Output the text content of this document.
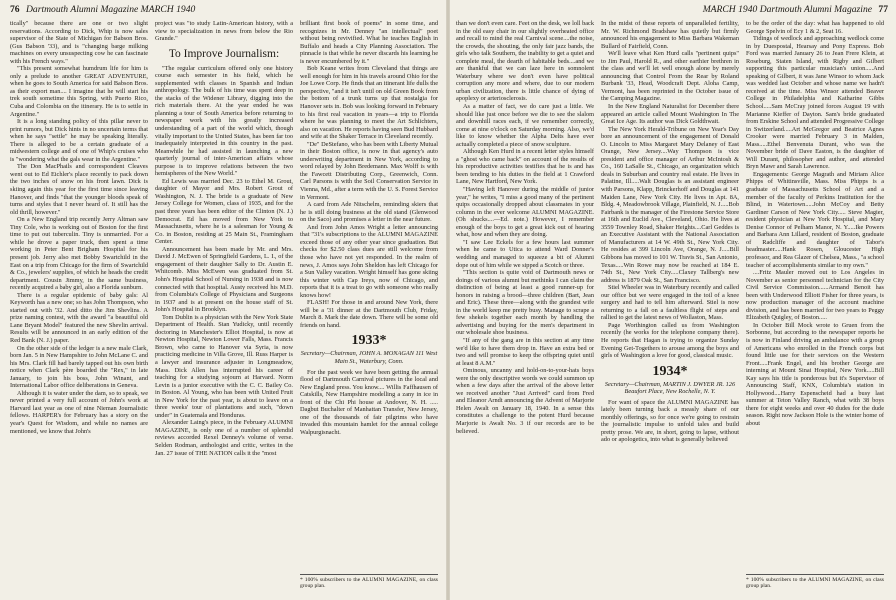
76 Dartmouth Alumni Magazine MARCH 1940

tically" because there are one or two slight reservations. According to Dick, Whip is now sales supervisor of the State of Michigan for Babson Bros. (Gus Babson '33), and is "changing barge milking machines on every unsuspecting cow he can fascinate with his French ways."

"This present somewhat humdrum life for him is only a prelude to another GREAT ADVENTURE, when he goes to South America for said Babson Bros. as their export man.... I imagine that he will start his trek south sometime this Spring, with Puerto Rico, Cuba and Colombia on the itinerary. He is to settle in Argentine."

It is a long standing policy of this pillar never to print rumors, but Dick hints in no uncertain terms that when he says "settle" he may be speaking literally. There is alleged to be a certain graduate of a midwestern college and of one of Whip's cruises who is "wondering what the gals wear in the Argentine."

The Don MacPhails and correspondent Cleaves went out to Ed Eichler's place recently to pack down the two inches of snow on his front lawn. Dick is skiing again this year for the first time since leaving Hanover, and finds "that the younger bloods speak of turns and styles that I never heard of. It still has the old thrill, however."

On a New England trip recently Jerry Altman saw Tiny Cole, who is working out of Boston for the first time to put out tuberculin. Tiny is unmarried. For a while he drove a paper truck, then spent a time working in Peter Bent Brigham Hospital for his present job. Jerry also met Bobby Swartchild in the East on a trip from Chicago for the firm of Swartchild & Co., jewelers' supplies, of which he heads the credit department. Cousin Jimmy, in the same business, recently acquired a baby girl, also a Florida sunburn.

There is a regular epidemic of baby gals: Al Keyworth has a new one; so has John Thompson, who started out with '32. And ditto the Jim Shevlins. A prize naming contest, with the award "a beautiful old Lane Bryant Model" featured the new Shevlin arrival. Results will be announced in an early edition of the Red Bank (N. J.) paper.

On the other side of the ledger is a new male Clark, born Jan. 5 in New Hampshire to John McLane C. and his Mrs. Clark fill had barely tapped out his own birth notice when Clark père boarded the "Rex," in late January, to join his boss, John Winant, and International Labor office deliberations in Geneva.

Although it is water under the dam, so to speak, we never printed a very full account of John's work at Harvard last year as one of nine Nieman Journalistic fellows. HARPER's for February has a story on the year's Quest for Wisdom, and while no names are mentioned, we know that John's

project was "to study Latin-American history, with a view to specialization in news from below the Rio Grande."

To Improve Journalism:

"The regular curriculum offered only one history course each semester in his field, which he supplemented with classes in Spanish and Indian anthropology. The bulk of his time was spent deep in the stacks of the Widener Library, digging into the rich materials there. At the year ended he was planning a tour of South America before returning to newspaper work with his greatly increased understanding of a part of the world which, though vitally important to the United States, has been far too inadequately interpreted in this country in the past. Meanwhile he had assisted in launching a new quarterly journal of inter-American affairs whose purpose is to improve relations between the two hemispheres of the New World."

Ed Lewis was married Dec. 23 to Ethel M. Grout, daughter of Mayor and Mrs. Robert Grout of Washington, N. J. The bride is a graduate of New Jersey College for Women, class of 1935, and for the past three years has been editor of the Clinton (N. J.) Democrat. Ed has moved from New York to Massachusetts, where he is a salesman for Young & Co. in Boston, residing at 25 Main St., Framingham Center.

Announcement has been made by Mr. and Mrs. David J. McEwen of Springfield Gardens, L. I., of the engagement of their daughter Sally to Dr. Austin E. Whitcomb. Miss McEwen was graduated from St. John's Hospital School of Nursing in 1938 and is now connected with that hospital. Austy received his M.D. from Columbia's College of Physicians and Surgeons in 1937 and is at present on the house staff of St. John's Hospital in Brooklyn.

Tom Dublin is a physician with the New York State Department of Health. Stan Yudicky, until recently doctoring in Manchester's Elliot Hospital, is now at Newton Hospital, Newton Lower Falls, Mass. Francis Brown, who came to Hanover via Syria, is now practicing medicine in Villa Grove, Ill. Russ Harper is a lawyer and insurance adjuster in Longmeadow, Mass. Dick Allen has interrupted his career of teaching for a studying sojourn at Harvard. Norm Levin is a junior executive with the C. C. Bailey Co. in Boston. Al Young, who has been with United Fruit in New York for the past year, is about to leave on a three weeks' tour of plantations and such, "down under" in Guatemala and Honduras.

Alexander Laing's piece, in the February ALUMNI MAGAZINE, is only one of a number of splendid reviews accorded Rexel Denney's volume of verse. Selden Rodman, anthologist and critic, writes in the Jan. 27 issue of THE NATION calls it the "most

brilliant first book of poems" in some time, and recognizes in Mr. Denney "an intellectual" poet without being revivified. What he teaches English in Buffalo and heads a City Planning Association. The pinnacle is that while he never discards his learning he is never encumbered by it."

Bob Keane writes from Cleveland that things are well enough for him in his travels around Ohio for the Joe Lowe Corp. He finds that an itinerant life dulls the perspective, "and it isn't until on old Green Book from the bottom of a trunk turns up that nostalgia for Hanover sets in. Bob was looking forward in February to his first real vacation in years—a trip to Florida where he was planning to meet the Art Schlichters, also on vacation. He reports having seen Bud Hubbard and wife at the Shaker Terrace in Cleveland recently.

"De" DeStefano, who has been with Liberty Mutual in their Boston office, is now in that agency's auto underwriting department in New York, according to word relayed by John Bredemann. Max Wolff is with the Fawcett Distributing Corp., Greenwich, Conn. Carl Parsons is with the Soil Conservation Service in Vienna, Md., after a term with the U. S. Forest Service in Vermont.

A card from Ade Nitschelm, reminding skiers that he is still doing business at the old stand (Glenwood on the Saco) and promises a letter in the near future.

And from John Amos Wright a letter announcing that "31's subscriptions to the ALUMNI MAGAZINE exceed those of any other year since graduation. But checks for $2.50 class dues are still welcome from those who have not yet responded. In the realm of news, J. Amos says John Sheldon has left Chicago for a Sun Valley vacation. Wright himself has gone skiing this winter with Cap Ireys, now of Chicago, and reports that it is a treat to go with someone who really knows how!

FLASH! For those in and around New York, there will be a '31 dinner at the Dartmouth Club, Friday, March 8. Mark the date down. There will be some old friends on hand.

1933*

Secretary—Chairman, JOHN A. MONAGAN 111 West Main St., Waterbury, Conn.

For the past week we have been getting the annual flood of Dartmouth Carnival pictures in the local and New England press. You know.... Willis Faffhausen of Catskills, New Hampshire modelling a zany in ice in front of the Chi Phi house at Andover, N. H. ..... Dagbut Buchalter of Manhattan Transfer, New Jersey, one of the thousands of fair pilgrims who have invaded this mountain hamlet for the annual college Walpurgisnacht.

* 100% subscribers to the ALUMNI MAGAZINE, on class group plan.

MARCH 1940 Dartmouth Alumni Magazine 77

than we don't even care. Feet on the desk, we loll back in the old easy chair in our slightly overheated office and recall to mind the real Carnival scene....the noise, the crowds, the shouting, the only fair jazz bands, the girls who talk Southern, the inability to get a quiet and complete meal, the dearth of habitable beds....and we are thankful that we can laze here in somnolent Waterbury where we don't even have political corruption any more and where, due to our modern urban civilization, there is little chance of dying of apoplexy or arteriosclerosis.

As a matter of fact, we do care just a little. We should like just once before we die to see the slalom and downhill races each, if we remember correctly, come at nine o'clock on Saturday morning. Also, we'd like to know whether the Alpha Delts have ever actually completed a piece of snow sculpture.

Although Ken Hurd in a recent letter styles himself a "ghost who came back" on account of the results of his reproductive activities testifies that he is and has been tending to his duties in the field at 1 Crawford Lane, New Hartford, New York.

"Having left Hanover during the middle of junior year," he writes, "I miss a good many of the pertinent quips occasionally dropped about classmates in your column in the ever welcome ALUMNI MAGAZINE. (Oh shucks....—Ed. note.) However, I remember enough of the boys to get a great kick out of hearing what, how and when they are doing.

"I saw Lee Eckels for a few hours last summer when he came to Utica to attend Ward Donner's wedding and managed to squeeze a bit of Alumni dope out of him while we sipped a Scotch or three.

"This section is quite void of Dartmouth news or doings of various alumni but methinks I can claim the distinction of being at least a good runner-up for honors in raising a brood—three children (Bart, Jean and Eric). These three—along with the grandest wife in the world keep me pretty busy. Manage to scrape a few shekels together each month by handling the advertising and buying for the men's department in our wholesale shoe business.

"If any of the gang are in this section at any time we'd like to have them drop in. Have an extra bed or two and will promise to keep the offspring quiet until at least 8 A.M."

Ominous, uncanny and hold-on-to-your-hats boys were the only descriptive words we could summon up when a few days after the arrival of the above letter we received another "Just Arrived" card from Fred and Eleanor Arndt announcing the Advent of Marjorie Helen Awalt on January 18, 1940. In a sense this constitutes a challenge to the potent Hurd because Marjorie is Awalt No. 3 if our records are to be believed.

In the midst of these reports of unparalleled fertility, Mr. W. Richmond Bradshaw has quietly but firmly announced his engagement to Miss Barbara Wakeman Bullard of Fairfield, Conn.

We'll leave what Ken Hurd calls "pertinent quips" to Jim Paul, Harold R., and other earthier brethren in the class and we'll let well enough alone by merely announcing that Control From the Rear by Roland Burbank '33, Head, Woodcraft Dept. Aloha Camp, Vermont, has been reprinted in the October issue of the Camping Magazine.

In the New England Naturalist for December there appeared an article called Mount Washington In The Great Ice Age. Its author was Dick Goldthwait.

The New York Herald-Tribune on New Year's Day bore an announcement of the engagement of Donald O. Lincoln to Miss Margaret Mary Delaney of East Orange, New Jersey....Way Thompson is vice president and office manager of Arthur McIntosh & Co., 160 LaSalle St., Chicago, an organization which deals in Suburban and country real estate. He lives in Palatine, Ill.....Walt Douglas is an assistant engineer with Parsons, Klapp, Brinckerhoff and Douglas at 141 Maiden Lane, New York City. He lives in Apt. 8A, Bldg. 4, Meadowbrook Village, Plainfield, N. J.....Bob Fairbank is the manager of the Firestone Service Store at 16th and Euclid Ave., Cleveland, Ohio. He lives at 3559 Townley Road, Shaker Heights....Carl Geddes is an Executive Assistant with the National Association of Manufacturers at 14 W. 49th St., New York City. He resides at 399 Lincoln Ave, Orange, N. J.....Bill Gibbons has moved to 101 W. Travis St., San Antonio, Texas.....Win Rowe may now be reached at 184 E. 74th St., New York City.....Claxey Tallberg's new address is 1879 Oak St., San Francisco.

Stiel Wheeler was in Waterbury recently and called our office but we were engaged in the toil of a knee surgery and had to tell him afterward. Stiel is now returning to a fall on a faultless flight of steps and rallied to get the latest news of Wollaston, Mass.

Page Worthington called us from Washington recently (he works for the telephone company there). He reports that Hagan is trying to organize Sunday Evening Get-Togethers to arouse among the boys and girls of Washington a love for good, classical music.

1934*

Secretary—Chairman, MARTIN J. DWYER JR. 126 Beaufort Place, New Rochelle, N. Y.

For want of space the ALUMNI MAGAZINE has lately been turning back a measly share of our monthly offerings, so for once we're going to restrain the journalistic impulse to unfold tales and build pretty prose. We are, in short, going to lapse, without ado or apologetics, into what is generally believed

to be the order of the day: what has happened to old George Spelvin of Ecy 1 & 2, Seat 16.

Tidings of wedlock and approaching wedlock come in by Duespostal, Hearsay and Pony Express. Bob Ford was married January 26 to Jean Frere Klein, at Roseburg, Staten Island, with Rigby and Gilbert supporting this particular musician's union.....And speaking of Gilbert, it was Jane Winsor to whom Jack was wedded last October and whose name we hadn't received at the time. Miss Winsor attended Beaver College in Philadelphia and Katharine Gibbs School.....Sam McCray joined forces August 19 with Marianne Kieffer of Dayton. Sam's bride graduated from Erskine School and attended Progressive College in Switzerland.....Art McGregor and Beatrice Agnes Crooker were married February 3 in Malden, Mass.....Ethel Benvenuta Durant, who was the November bride of Dave Easton, is the daughter of Will Durant, philosopher and author, and attended Bryn Mawr and Sarah Lawrence.

Engagements: George Magrath and Miriam Alice Phipps of Whitinsville, Mass. Miss Phipps is a graduate of Massachusetts School of Art and a member of the faculty of Perkins Institution for the Blind, in Watertown.....John McCoy and Betty Gardiner Carson of New York City..... Steve Magier, resident physician at New York Hospital, and Mary Denise Connor of Pelham Manor, N. Y.....Ike Powers and Barbara Ann Lillard, resident of Boston, graduate of Radcliffe and daughter of Tabor's headmaster.....Hank Rosen, Gloucester High professor, and Rea Glazer of Chelsea, Mass., "a school teacher of accomplishments similar to my own."

....Fritz Mauler moved out to Los Angeles in November as senior personnel technician for the City Civil Service Commission......Armand Benoit has been with Underwood Elliott Fisher for three years, is now production manager of the account machine division, and has been married for two years to Peggy Elizabeth Quigley, of Boston.....

In October Bill Mock wrote to Gruen from the Sorbonne, but according to the newspaper reports he is now in Finland driving an ambulance with a group of Americans who enrolled in the French corps but found little use for their services on the Western Front.....Frank Engel, and his brother George are interning at Mount Sinai Hospital, New York.....Bill Kay says his title is ponderous but it's Supervisor of Announcing Staff, KNX, Columbia's station in Hollywood....Harry Espenscheid had a busy last summer at Teton Valley Ranch, what with 38 boys there for eight weeks and over 40 dudes for the dude season. Right now Jackson Hole is the winter home of about

* 100% subscribers to the ALUMNI MAGAZINE, on class group plan.
